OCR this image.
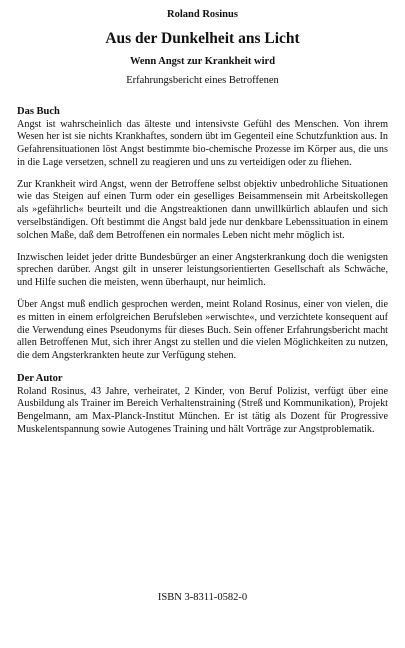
Roland Rosinus

Aus der Dunkelheit ans Licht

Wenn Angst zur Krankheit wird

Erfahrungsbericht eines Betroffenen

Das Buch

Angst ist wahrscheinlich das älteste und intensivste Gefühl des Menschen. Von ihrem Wesen her ist sie nichts Krankhaftes, sondern übt im Gegenteil eine Schutzfunktion aus. In Gefahrensituationen löst Angst bestimmte bio-chemische Prozesse im Körper aus, die uns in die Lage versetzen, schnell zu reagieren und uns zu verteidigen oder zu fliehen.

Zur Krankheit wird Angst, wenn der Betroffene selbst objektiv unbedrohliche Situationen wie das Steigen auf einen Turm oder ein geselliges Beisammensein mit Arbeitskollegen als »gefährlich« beurteilt und die Angstreaktionen dann unwillkürlich ablaufen und sich verselbständigen. Oft bestimmt die Angst bald jede nur denkbare Lebenssituation in einem solchen Maße, daß dem Betroffenen ein normales Leben nicht mehr möglich ist.

Inzwischen leidet jeder dritte Bundesbürger an einer Angsterkrankung doch die wenigsten sprechen darüber. Angst gilt in unserer leistungsorientierten Gesellschaft als Schwäche, und Hilfe suchen die meisten, wenn überhaupt, nur heimlich.

Über Angst muß endlich gesprochen werden, meint Roland Rosinus, einer von vielen, die es mitten in einem erfolgreichen Berufsleben »erwischte«, und verzichtete konsequent auf die Verwendung eines Pseudonyms für dieses Buch. Sein offener Erfahrungsbericht macht allen Betroffenen Mut, sich ihrer Angst zu stellen und die vielen Möglichkeiten zu nutzen, die dem Angsterkrankten heute zur Verfügung stehen.

Der Autor

Roland Rosinus, 43 Jahre, verheiratet, 2 Kinder, von Beruf Polizist, verfügt über eine Ausbildung als Trainer im Bereich Verhaltenstraining (Streß und Kommunikation), Projekt Bengelmann, am Max-Planck-Institut München. Er ist tätig als Dozent für Progressive Muskelentspannung sowie Autogenes Training und hält Vorträge zur Angstproblematik.

ISBN 3-8311-0582-0
